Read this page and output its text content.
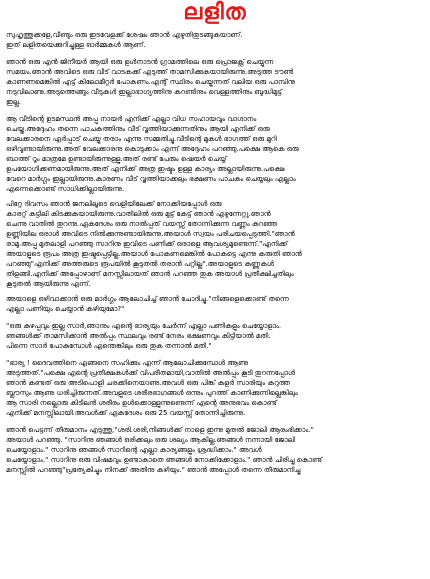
ലളിത
സുഹൃത്തുക്കളേ,വീണ്ടും ഒരു ഇടവേളക്ക് ശേഷം ഞാൻ എഴുതിതുടങ്ങുകയാണ്.
ഇത് ലളിതയെക്കുറിച്ചുള്ള ഓർമ്മകൾ ആണ്.
ഞാൻ ഒരു എൻ ജിനീയർ ആയി ഒരു ഉൾനാടൻ ഗ്രാമത്തിലെ ഒരു പ്രൊജക്റ്റ് ചെയ്യുന്ന
സമയം.ഞാൻ അവിടെ ഒരു വീട് വാടകക്ക് എടുത്ത് താമസിക്കുകയായിരുന്നു.അടുത്ത ടൗൺ
കാണണമെങ്കിൽ എട്ട് കിലോമീറ്റർ പോകണം.എന്റ് സ്ഥിരം ചെയ്യുന്നത് വലിയ ഒരു പാമ്പിനു
നടുവിലാണു.അടുത്തെങ്ങും വീടുകൾ ഇല്ലാഭാഗ്യത്തിനു കറണ്ടിനും വെള്ളത്തിനും ബുദ്ധിമുട്ട്
ഇല്ല.
ആ വീടിന്റെ ഉടമസ്ഥൻ അപ്പു നായർ എനിക്ക് എല്ലാ വിധ സഹായവും വാഗ്ദാനം
ചെയ്തു.അദ്ദേഹം തന്നെ പാചകത്തിനും വീട് വൃത്തിയാക്കുന്നതിനും ആയി എനിക്ക് ഒരു
വേലക്കാരനെ ഏർപ്പാട് ചെയ്യു തരാം എന്നു സമ്മതിച്ചു.വീടിന്റെ മുകൾ ഭാഗത്ത് ഒരു മുറി
ഒഴിവുണ്ടായിരുന്നു.അത് വേലക്കാരനു കൊടുക്കാം എന്ന് അദ്ദേഹം പറഞ്ഞു.പക്ഷെ ആകെ ഒരു
ബാത്ത് റൂം മാത്രമേ ഉണ്ടായിരുന്നുള്ളൂ.അത് രണ്ട് പേരും ഷെയർ ചെയ്യ്
ഉപയോഗിക്കണമായിരുന്നു.അത് എനിക്ക് അത്ര ഇഷ്ടം ഉള്ള കാര്യം അല്ലായിരുന്നു.പക്ഷെ
വേറെ മാർഗ്ഗം ഇല്ലായിരുന്നു.കാരണം വീട് വൃത്തിയാക്കലും ഭക്ഷണം പാചകം ചെയ്യലും എല്ലാം
എന്നെക്കൊണ്ട് സാധിക്കില്ലായിരുന്നു.
പിറ്റേ ദിവസം ഞാൻ ജനലിലൂടെ വെളിയിലേക്ക് നോക്കിയപ്പോൾ ഒരു
കാരറ്റ് കട്ടിലി കിടക്കുകയായിരുന്നു.വാതിലിൽ ഒരു മുട്ട് കേട്ട് ഞാൻ എഴുന്നേറ്റു.ഞാൻ
ചെന്നു വാതിൽ തുറന്നു.ഏകദേശം ഒരു നാൽപ്പത് വയസ്സ് തോന്നിക്കുന്ന വണ്ണം കുറഞ്ഞ
ഉണ്ണിയില ഒരാൾ അവിടെ നിൽക്കുന്നുണ്ടായിരുന്നു.അയാൾ സ്വയം പരിചയപ്പെടുത്തി."ഞാൻ
രാമു.അപ്പു മുതലാളി പറഞ്ഞു സാറിനു ഇവിടെ പണിക്ക് ഒരാളെ ആവശ്യമുണ്ടെന്ന്."എനിക്ക്
അയാളുടെ രൂപം അത്ര ഇഷ്ടപ്പെട്ടില്ല.അയാൾ പോകണമെങ്കിൽ പോകട്ടെ എന്നു കരുതി ഞാൻ
പറഞ്ഞു"എനിക്ക് അത്തരുടെ രൂപയിൽ കൂടുതൽ തരാൻ പറ്റില്ല".അയാളുടെ കണ്ണുകൾ
തിളങ്ങി.എനിക്ക് അപ്പോഴാണ് മനസ്സിലായത് ഞാൻ പറഞ്ഞ തുക അയാൾ പ്രതീക്ഷിച്ചതിലും
കൂടുതൽ ആയിരുന്നു എന്ന്.
അയാളെ ഒഴിവാക്കാൻ ഒരു മാർഗ്ഗം ആലോചിച്ച് ഞാൻ ചോദിച്ചു."നിങ്ങളെക്കൊണ്ട് തന്നെ
എല്ലാ പണിയും ചെയ്യാൻ കഴിയുമോ?"
"ഒരു കുഴപ്പവും ഇല്ല സാർ,ഞാനും എന്റെ ഭാര്യയും ചേർന്ന് എല്ലാ പണികളും ചെയ്യോളാം.
ഞങ്ങൾക്ക് താമസിക്കാൻ അൽപ്പം സ്ഥലവും രണ്ട് നേരം ഭക്ഷണവും കിട്ടിയാൽ മതി.
പിന്നെ സാർ പോകുമ്പോൾ എന്തെങ്കിലും ഒരു തുക തന്നാൽ മതി."
"ഭാര്യ ! ദൈവത്തിനെ എങ്ങനെ സഹിക്കും എന്ന് ആലോചിക്കുമ്പോൾ ആണു
അടുത്തത്."പക്ഷെ എന്റെ പ്രതീക്ഷകൾക്ക് വിപരീതമായി,വാതിൽ അൽപ്പം കൂടി തുറന്നപ്പോൾ
ഞാൻ കണ്ടത് ഒരു അടിപൊളി ചരക്കിനെയാണു.അവൾ ഒരു പിങ്ക് കളർ സാരിയും കറുത്ത
ബ്ലൗസും ആണു ധരിച്ചിരുന്നത്.അവളുടെ ശരീരഭാഗങ്ങൾ ഒന്നും പുറത്ത് കാണിക്കുന്നില്ലെങ്കിലും
ആ സാരി നല്ലൊരു കിടിലൻ ശരീരം ഉൾക്കൊള്ളുന്നുണ്ടെന്ന് എന്റെ അനുഭവം കൊണ്ട്
എനിക്ക് മനസ്സിലായി.അവൾക്ക് ഏകദേശം ഒരു 25 വയസ്സ് തോന്നിച്ചിരുന്നു.
ഞാൻ പെട്ടന്ന് തീരുമാനം എടുത്തു,"ശരി.ശരി,നിങ്ങൾക്ക് നാളെ ഇന്നു മുതൽ ജോലി ആരംഭിക്കാം."
അയാൾ പറഞ്ഞു. "സാറിനു ഞങ്ങൾ ഒരിക്കലും ഒരു ശല്യം ആകില്ല.ഞങ്ങൾ നന്നായി ജോലി
ചെയ്യോളാം." സാറിനു ഞങ്ങൾ സാറിന്റെ എല്ലാ കാര്യങ്ങളും ശ്രദ്ധിക്കാം." അവൾ
ചെയ്യോളാം." സാറിനു ഒരു വിഷമവും ഉണ്ടാകാതെ ഞങ്ങൾ നോക്കിക്കോളാം." ഞാൻ ചിരിച്ചു കൊണ്ട്
മനസ്സിൽ പറഞ്ഞു"പ്രത്യേകിച്ചും നിനക്ക് അതിനു കഴിയും." ഞാൻ അപ്പോൾ തന്നെ തീരുമാനിച്ചു
